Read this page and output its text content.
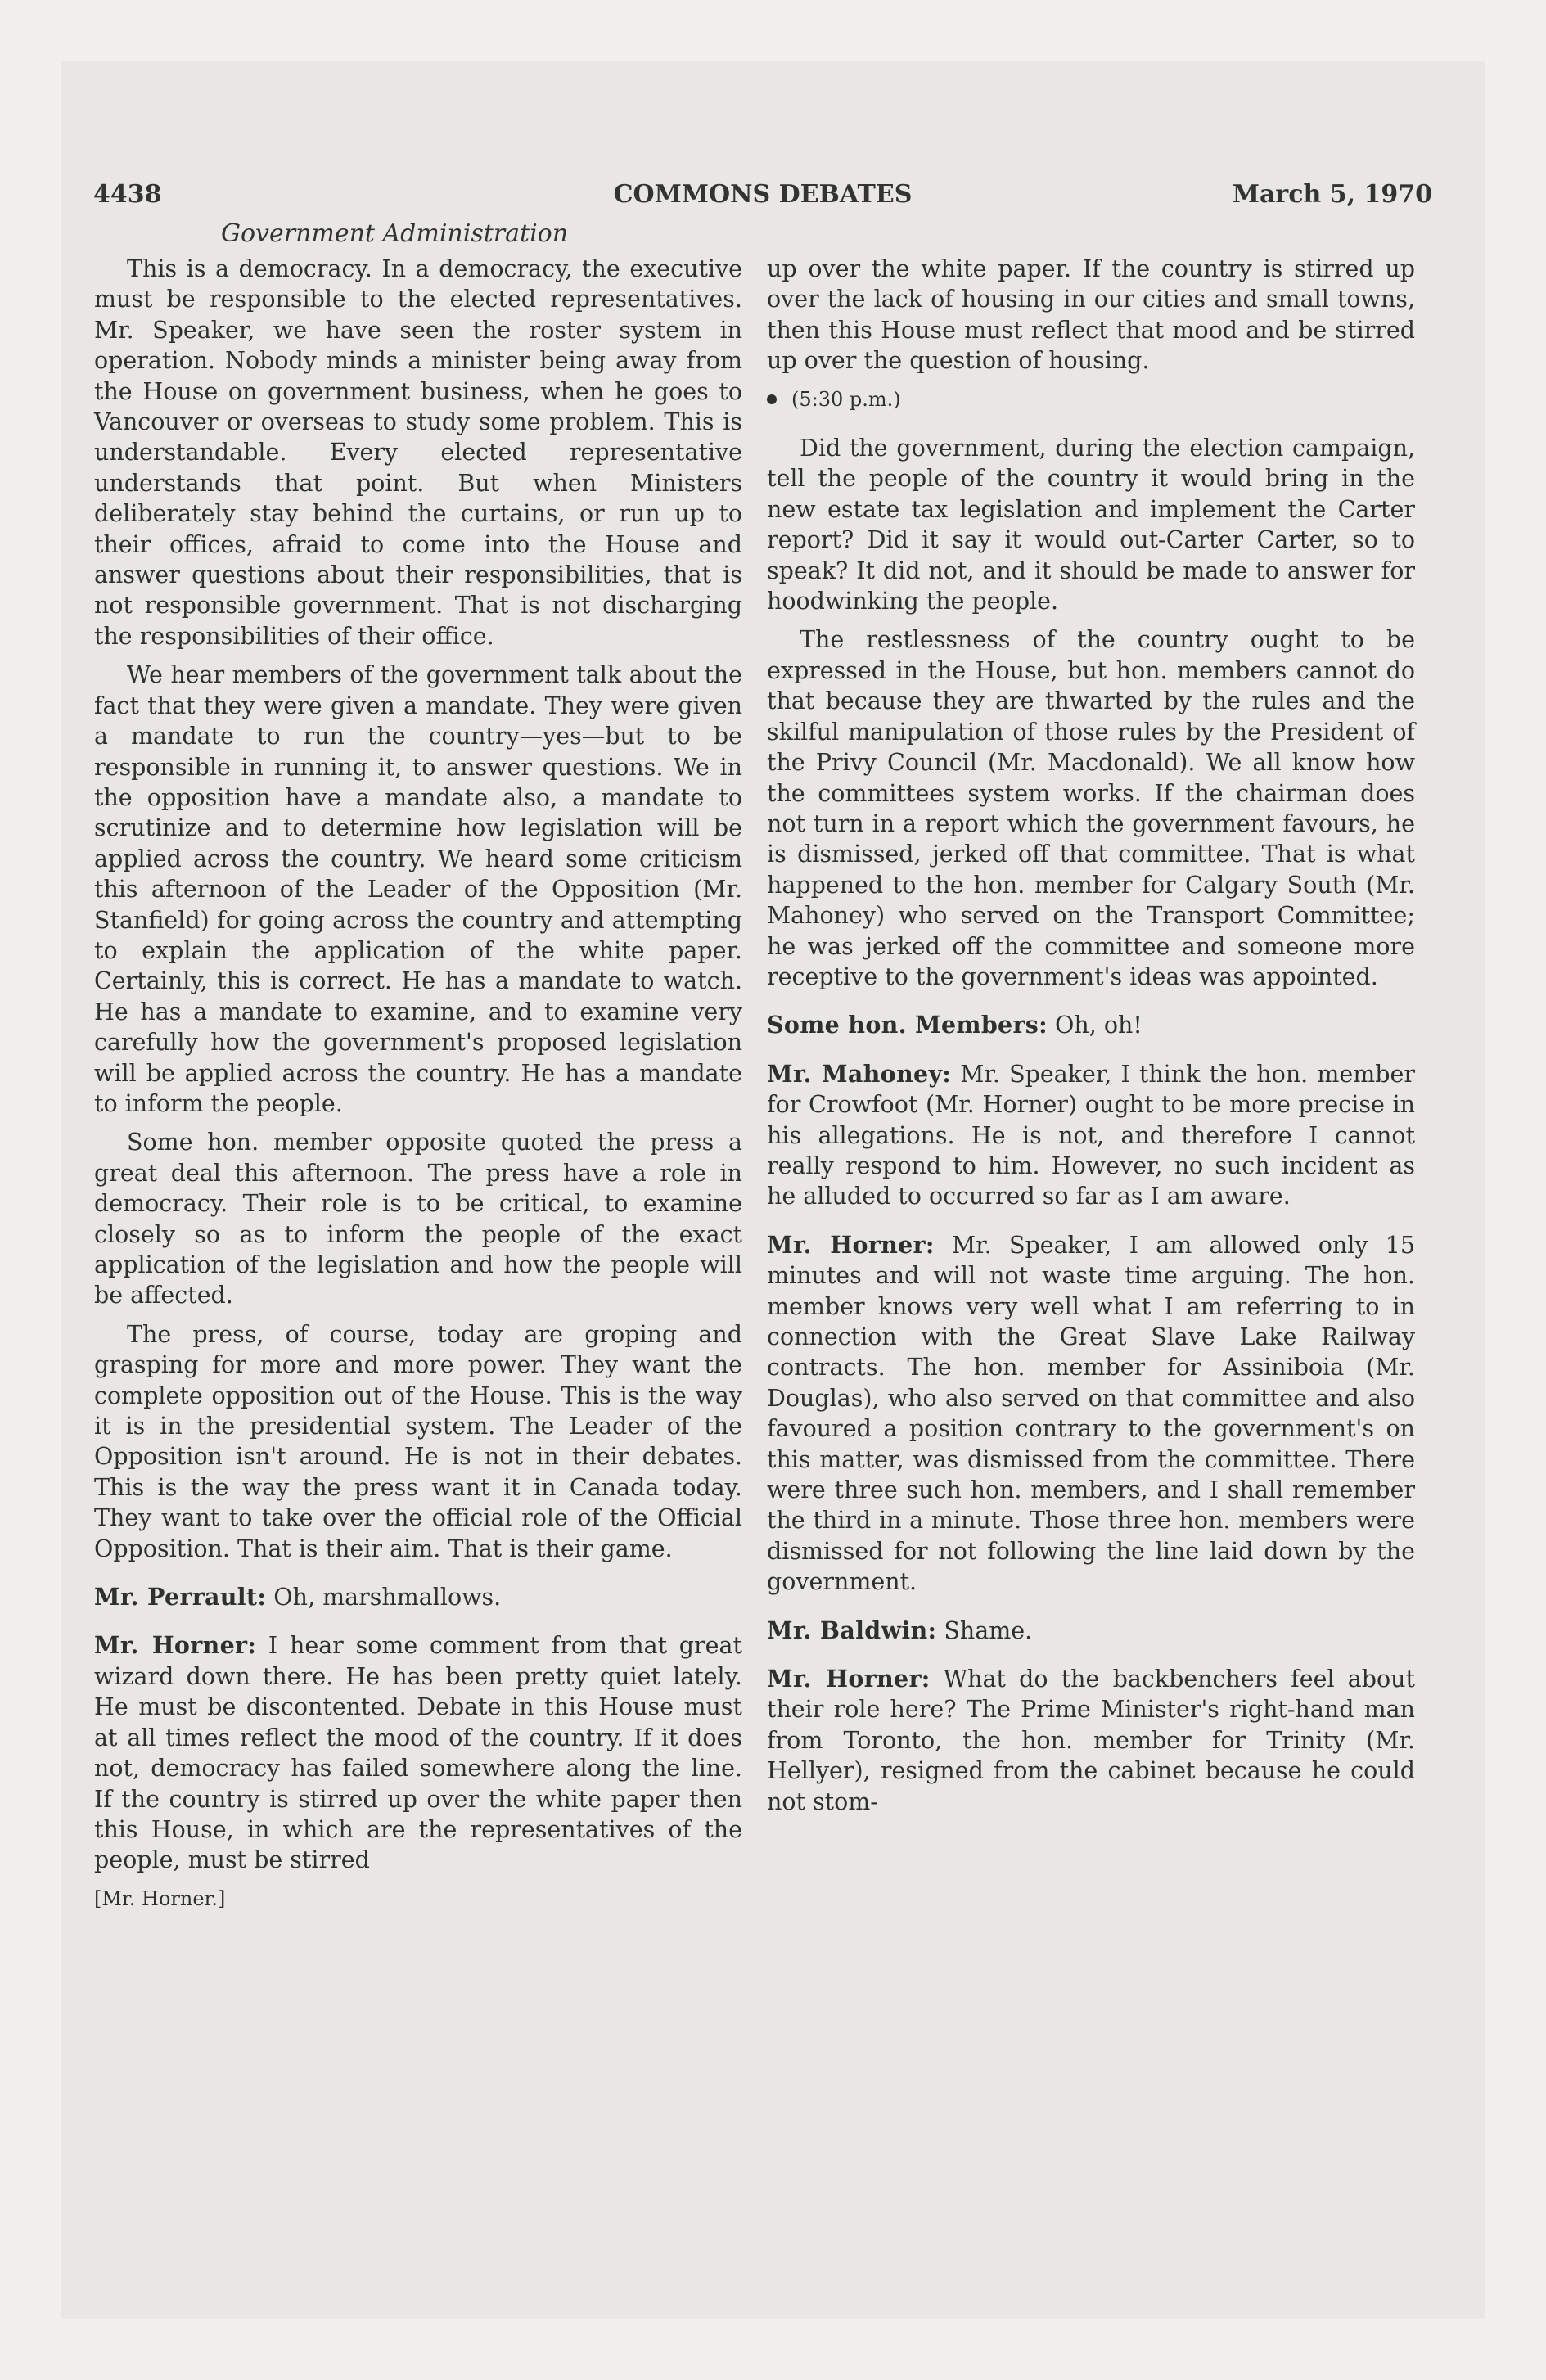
4438	COMMONS DEBATES	March 5, 1970
Government Administration

This is a democracy. In a democracy, the executive must be responsible to the elected representatives. Mr. Speaker, we have seen the roster system in operation. Nobody minds a minister being away from the House on government business, when he goes to Vancouver or overseas to study some problem. This is understandable. Every elected representative understands that point. But when Ministers deliberately stay behind the curtains, or run up to their offices, afraid to come into the House and answer questions about their responsibilities, that is not responsible government. That is not discharging the responsibilities of their office.

We hear members of the government talk about the fact that they were given a mandate. They were given a mandate to run the country—yes—but to be responsible in running it, to answer questions. We in the opposition have a mandate also, a mandate to scrutinize and to determine how legislation will be applied across the country. We heard some criticism this afternoon of the Leader of the Opposition (Mr. Stanfield) for going across the country and attempting to explain the application of the white paper. Certainly, this is correct. He has a mandate to watch. He has a mandate to examine, and to examine very carefully how the government's proposed legislation will be applied across the country. He has a mandate to inform the people.

Some hon. member opposite quoted the press a great deal this afternoon. The press have a role in democracy. Their role is to be critical, to examine closely so as to inform the people of the exact application of the legislation and how the people will be affected.

The press, of course, today are groping and grasping for more and more power. They want the complete opposition out of the House. This is the way it is in the presidential system. The Leader of the Opposition isn't around. He is not in their debates. This is the way the press want it in Canada today. They want to take over the official role of the Official Opposition. That is their aim. That is their game.

Mr. Perrault: Oh, marshmallows.

Mr. Horner: I hear some comment from that great wizard down there. He has been pretty quiet lately. He must be discontented. Debate in this House must at all times reflect the mood of the country. If it does not, democracy has failed somewhere along the line. If the country is stirred up over the white paper then this House, in which are the representatives of the people, must be stirred

[Mr. Horner.]

up over the white paper. If the country is stirred up over the lack of housing in our cities and small towns, then this House must reflect that mood and be stirred up over the question of housing.

(5:30 p.m.)

Did the government, during the election campaign, tell the people of the country it would bring in the new estate tax legislation and implement the Carter report? Did it say it would out-Carter Carter, so to speak? It did not, and it should be made to answer for hoodwinking the people.

The restlessness of the country ought to be expressed in the House, but hon. members cannot do that because they are thwarted by the rules and the skilful manipulation of those rules by the President of the Privy Council (Mr. Macdonald). We all know how the committees system works. If the chairman does not turn in a report which the government favours, he is dismissed, jerked off that committee. That is what happened to the hon. member for Calgary South (Mr. Mahoney) who served on the Transport Committee; he was jerked off the committee and someone more receptive to the government's ideas was appointed.

Some hon. Members: Oh, oh!

Mr. Mahoney: Mr. Speaker, I think the hon. member for Crowfoot (Mr. Horner) ought to be more precise in his allegations. He is not, and therefore I cannot really respond to him. However, no such incident as he alluded to occurred so far as I am aware.

Mr. Horner: Mr. Speaker, I am allowed only 15 minutes and will not waste time arguing. The hon. member knows very well what I am referring to in connection with the Great Slave Lake Railway contracts. The hon. member for Assiniboia (Mr. Douglas), who also served on that committee and also favoured a position contrary to the government's on this matter, was dismissed from the committee. There were three such hon. members, and I shall remember the third in a minute. Those three hon. members were dismissed for not following the line laid down by the government.

Mr. Baldwin: Shame.

Mr. Horner: What do the backbenchers feel about their role here? The Prime Minister's right-hand man from Toronto, the hon. member for Trinity (Mr. Hellyer), resigned from the cabinet because he could not stom-
